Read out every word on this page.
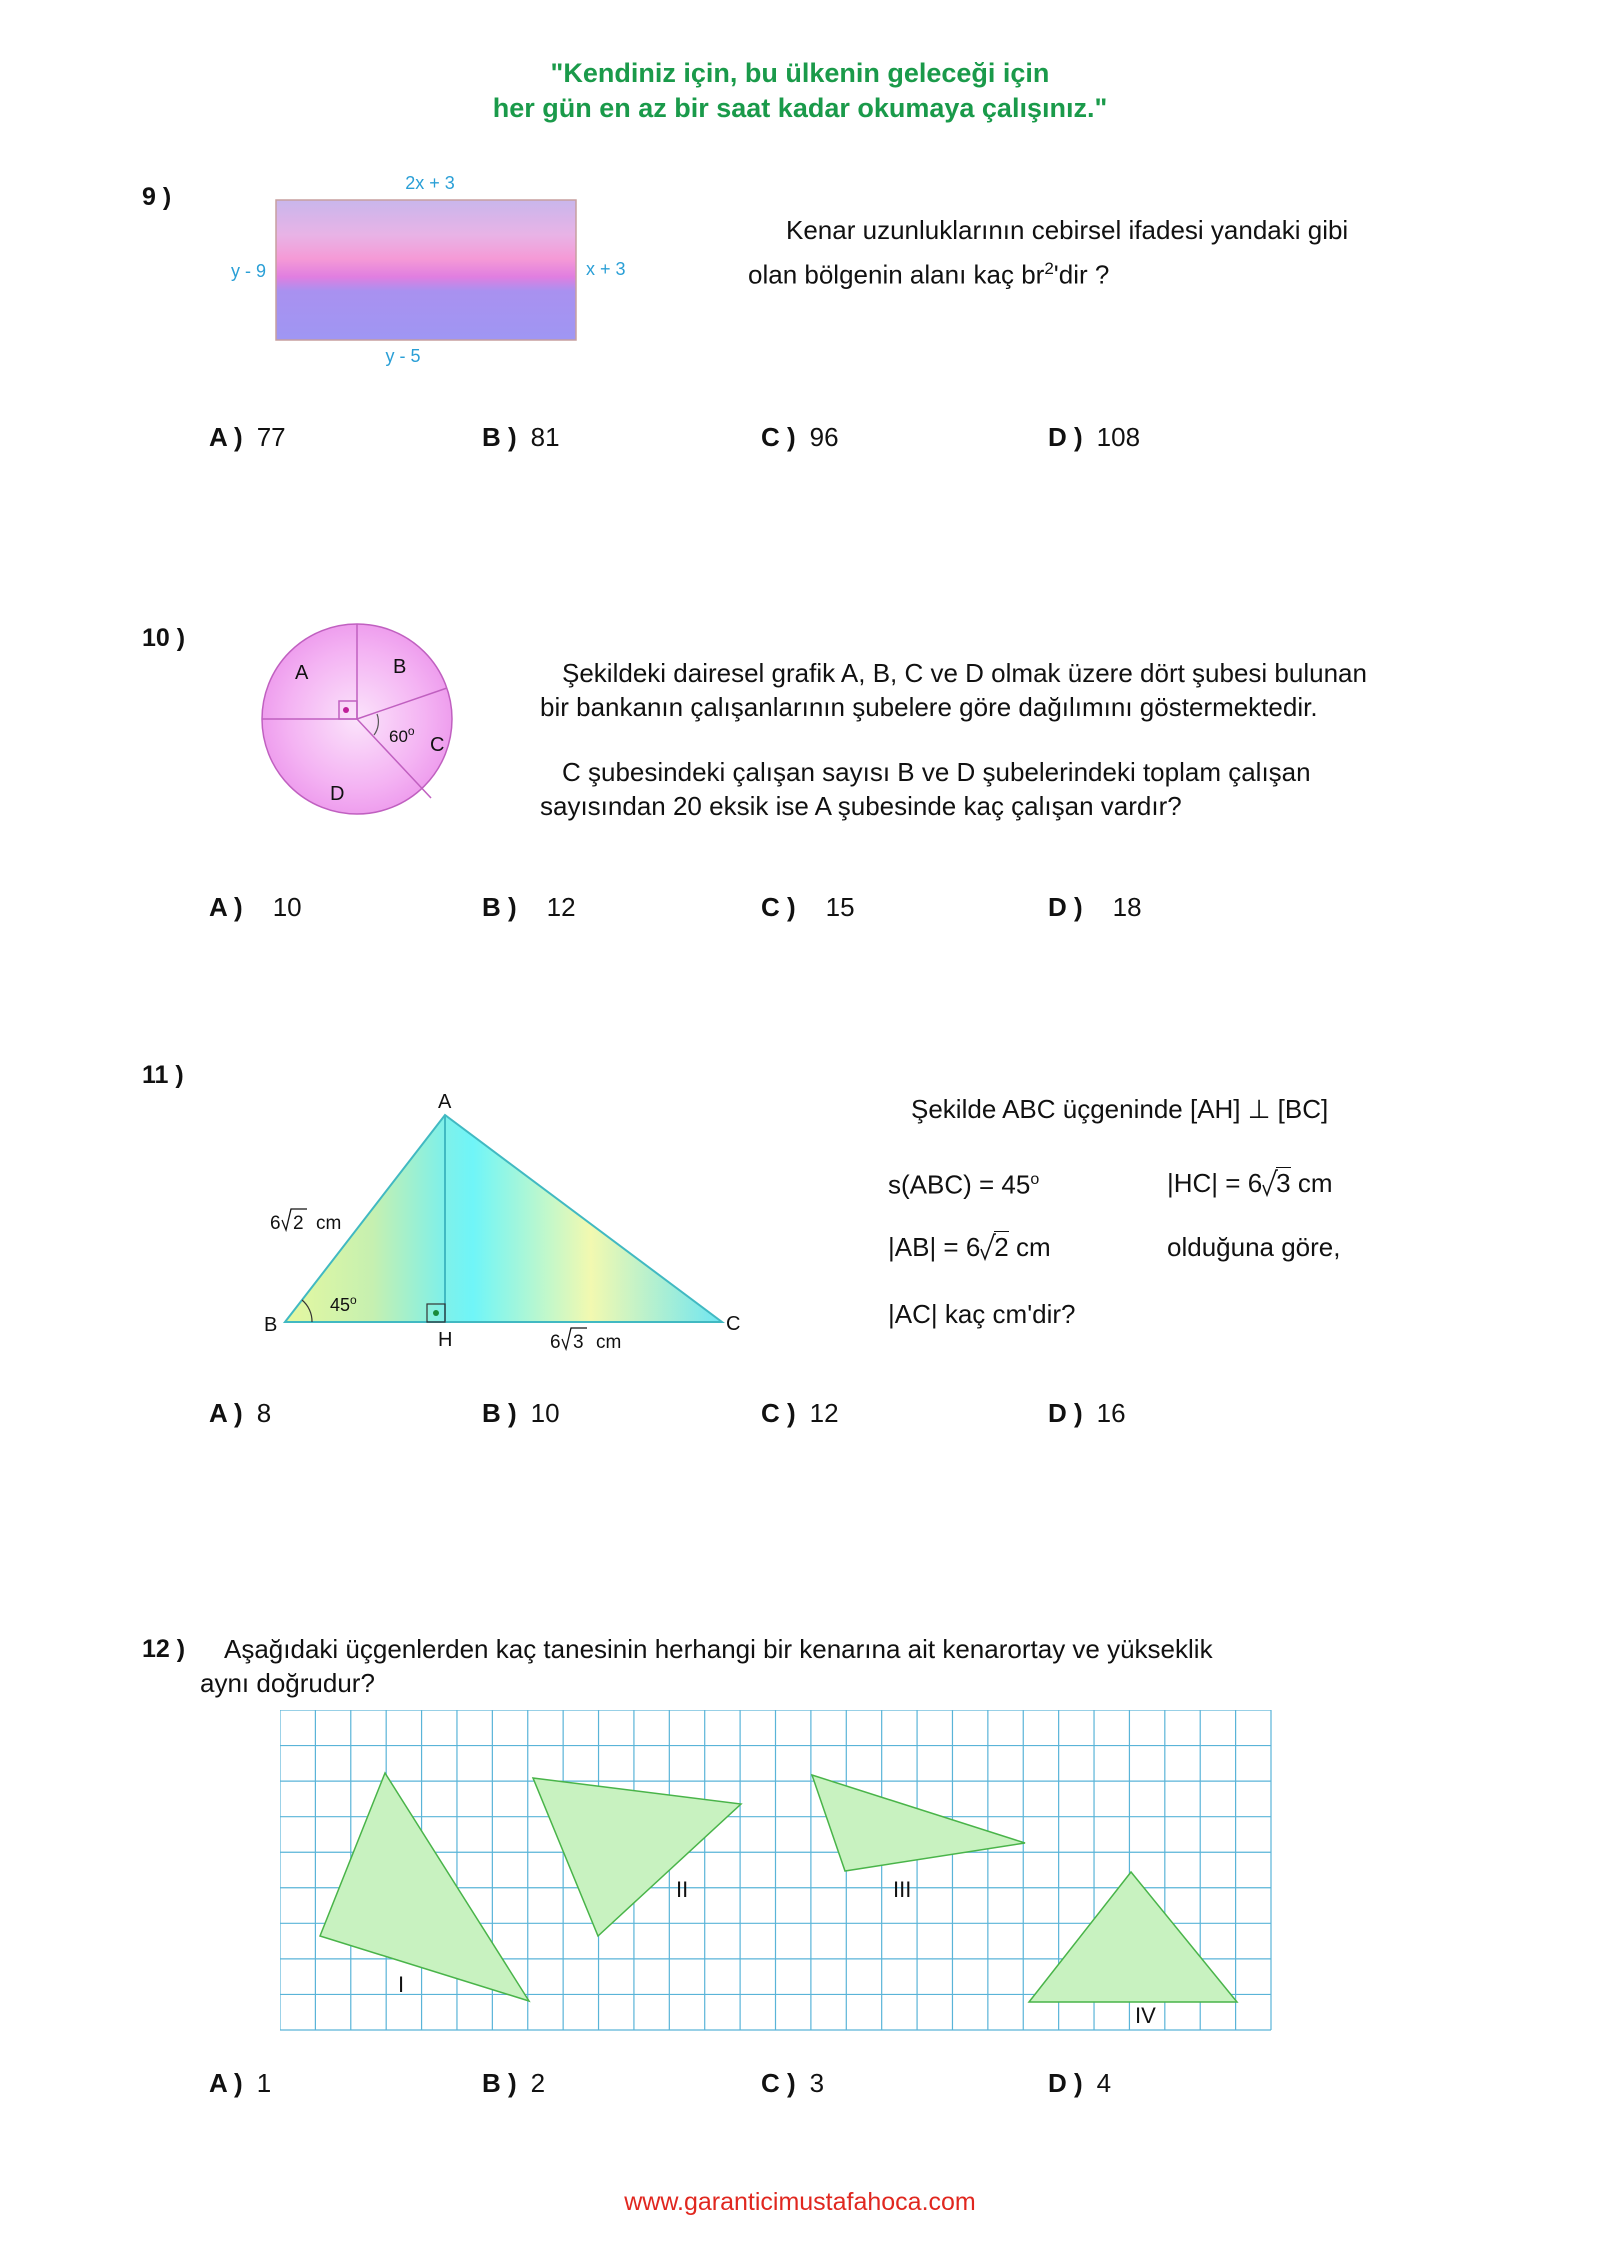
"Kendiniz için, bu ülkenin geleceği için
her gün en az bir saat kadar okumaya çalışınız."
9 )	2x + 3
y - 9	x + 3
y - 5
Kenar uzunluklarının cebirsel ifadesi yandaki gibi
olan bölgenin alanı kaç $br^2'dir$ ?
A ) 77	B ) 81	C ) 96	D ) 108
10 )
A	B
C
D
60$^o$
Şekildeki dairesel grafik A, B, C ve D olmak üzere dört şubesi bulunan
bir bankanın çalışanlarının şubelere göre dağılımını göstermektedir.
C şubesindeki çalışan sayısı B ve D şubelerindeki toplam çalışan
sayısından 20 eksik ise A şubesinde kaç çalışan vardır?
A ) 10	B ) 12	C ) 15	D ) 18
11 )
A
B	C
H
45$^o$
6 2 cm
6 3 cm
Şekilde ABC üçgeninde [AH] ⊥ [BC]
$s(ABC) = 45^o$	|HC| = 6 3 cm
|AB| = 6 2 cm	olduğuna göre,
|AC| kaç cm'dir?
A ) 8	B ) 10	C ) 12	D ) 16
12 ) Aşağıdaki üçgenlerden kaç tanesinin herhangi bir kenarına ait kenarortay ve yükseklik
aynı doğrudur?
I
II	III
IV
A ) 1	B ) 2	C ) 3	D ) 4
www.garanticimustafahoca.com
